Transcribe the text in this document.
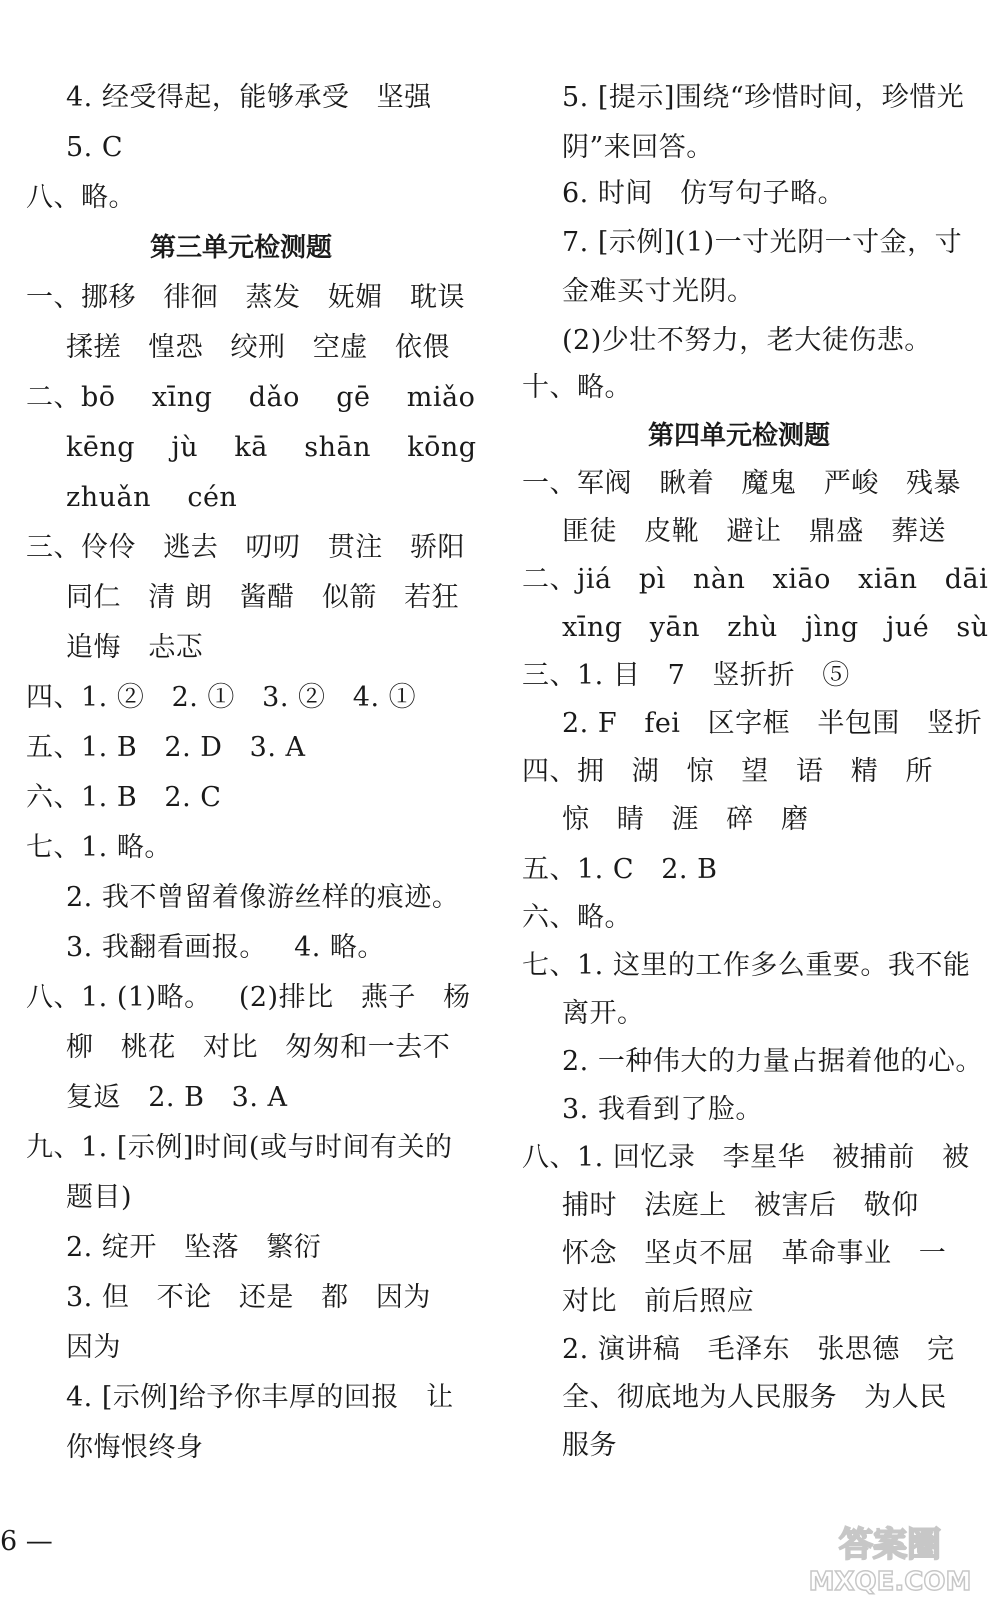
4. 经受得起，能够承受   坚强
5. C
八、略。
第三单元检测题
一、挪移   徘徊   蒸发   妩媚   耽误
揉搓   惶恐   绞刑   空虚   依偎
二、bō    xīng    dǎo    gē    miǎo
kēng    jù    kā    shān    kōng
zhuǎn    cén
三、伶伶   逃去   叨叨   贯注   骄阳
同仁   清 朗   酱醋   似箭   若狂
追悔   忐忑
四、1. ②   2. ①   3. ②   4. ①
五、1. B   2. D   3. A
六、1. B   2. C
七、1. 略。
2. 我不曾留着像游丝样的痕迹。
3. 我翻看画报。   4. 略。
八、1. (1)略。   (2)排比   燕子   杨
柳   桃花   对比   匆匆和一去不
复返   2. B   3. A
九、1. [示例]时间(或与时间有关的
题目)
2. 绽开   坠落   繁衍
3. 但   不论   还是   都   因为
因为
4. [示例]给予你丰厚的回报   让
你悔恨终身
5. [提示]围绕“珍惜时间，珍惜光
阴”来回答。
6. 时间   仿写句子略。
7. [示例](1)一寸光阴一寸金，寸
金难买寸光阴。
(2)少壮不努力，老大徒伤悲。
十、略。
第四单元检测题
一、军阀   瞅着   魔鬼   严峻   残暴
匪徒   皮靴   避让   鼎盛   葬送
二、jiá   pì   nàn   xiāo   xiān   dāi
xīng   yān   zhù   jìng   jué   sù
三、1. 目   7   竖折折   ⑤
2. F   fei   区字框   半包围   竖折
四、拥   湖   惊   望   语   精   所
惊   睛   涯   碎   磨
五、1. C   2. B
六、略。
七、1. 这里的工作多么重要。我不能
离开。
2. 一种伟大的力量占据着他的心。
3. 我看到了脸。
八、1. 回忆录   李星华   被捕前   被
捕时   法庭上   被害后   敬仰
怀念   坚贞不屈   革命事业   一
对比   前后照应
2. 演讲稿   毛泽东   张思德   完
全、彻底地为人民服务   为人民
服务
6 —	答案圈
MXQE.COM
